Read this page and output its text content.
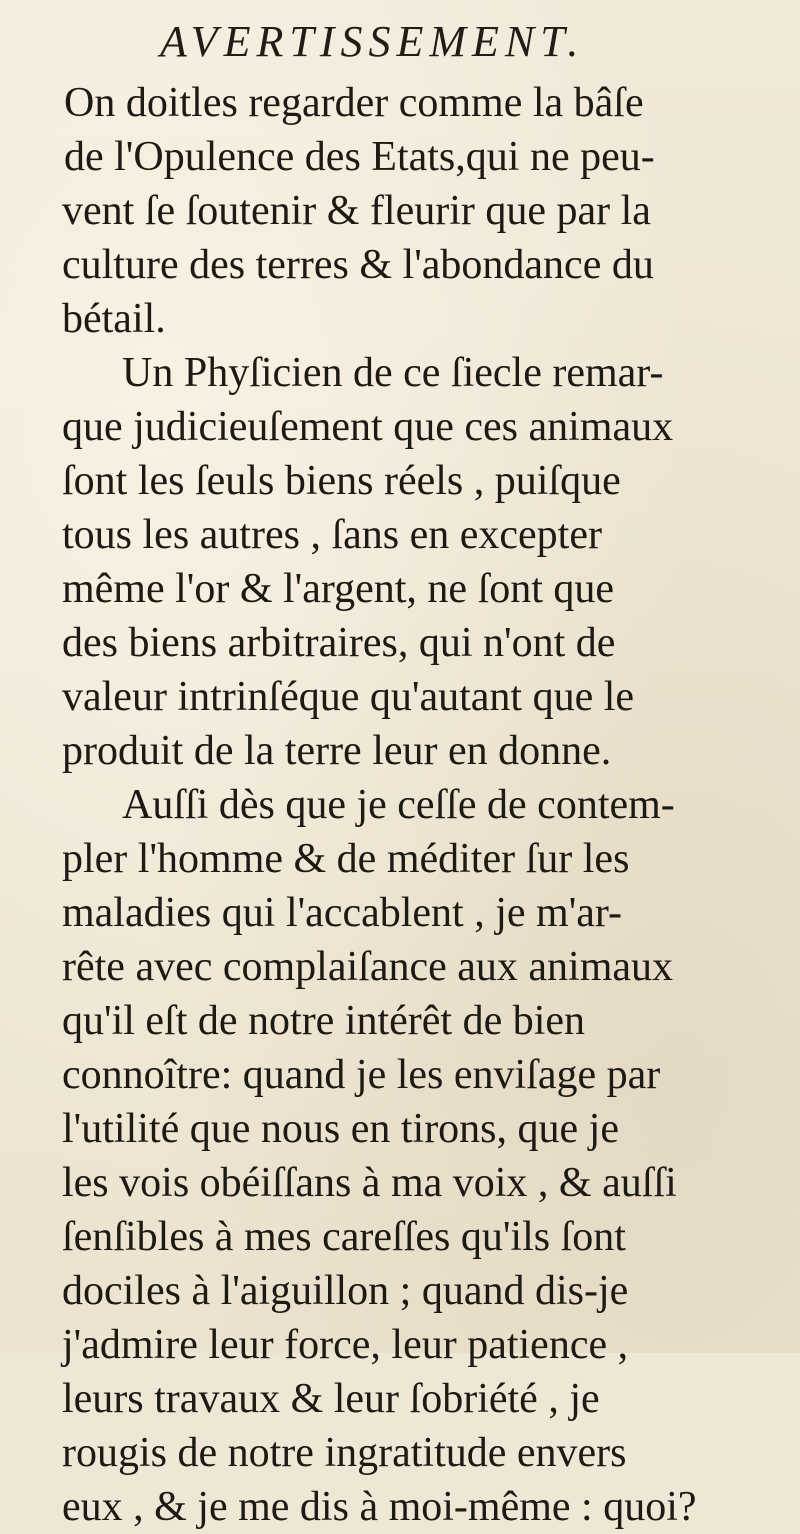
AVERTISSEMENT.
On doitles regarder comme la bâſe
de l'Opulence des Etats,qui ne peu-
vent ſe ſoutenir & fleurir que par la
culture des terres & l'abondance du
bétail.
Un Phyſicien de ce ſiecle remar-
que judicieuſement que ces animaux
ſont les ſeuls biens réels , puiſque
tous les autres , ſans en excepter
même l'or & l'argent, ne ſont que
des biens arbitraires, qui n'ont de
valeur intrinſéque qu'autant que le
produit de la terre leur en donne.
Auſſi dès que je ceſſe de contem-
pler l'homme & de méditer ſur les
maladies qui l'accablent , je m'ar-
rête avec complaiſance aux animaux
qu'il eſt de notre intérêt de bien
connoître: quand je les enviſage par
l'utilité que nous en tirons, que je
les vois obéiſſans à ma voix , & auſſi
ſenſibles à mes careſſes qu'ils ſont
dociles à l'aiguillon ; quand dis-je
j'admire leur force, leur patience ,
leurs travaux & leur ſobriété , je
rougis de notre ingratitude envers
eux , & je me dis à moi-même : quoi?
